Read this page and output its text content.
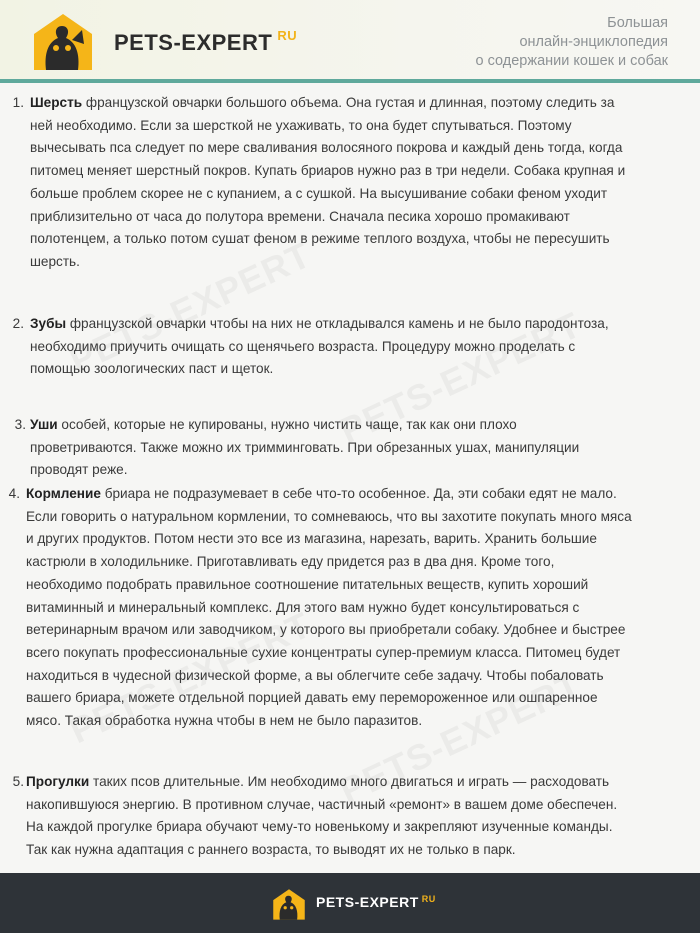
PETS-EXPERT $^{RU}$
Большая
онлайн-энциклопедия
о содержании кошек и собак
1. Шерсть французской овчарки большого объема. Она густая и длинная, поэтому следить за
ней необходимо. Если за шерсткой не ухаживать, то она будет спутываться. Поэтому
вычесывать пса следует по мере сваливания волосяного покрова и каждый день тогда, когда
питомец меняет шерстный покров. Купать бриаров нужно раз в три недели. Собака крупная и
больше проблем скорее не с купанием, а с сушкой. На высушивание собаки феном уходит
приблизительно от часа до полутора времени. Сначала песика хорошо промакивают
полотенцем, а только потом сушат феном в режиме теплого воздуха, чтобы не пересушить
шерсть.
2. Зубы французской овчарки чтобы на них не откладывался камень и не было пародонтоза,
необходимо приучить очищать со щенячьего возраста. Процедуру можно проделать с
помощью зоологических паст и щеток.
3. Уши особей, которые не купированы, нужно чистить чаще, так как они плохо
проветриваются. Также можно их тримминговать. При обрезанных ушах, манипуляции
проводят реже.
4. Кормление бриара не подразумевает в себе что-то особенное. Да, эти собаки едят не мало.
Если говорить о натуральном кормлении, то сомневаюсь, что вы захотите покупать много мяса
и других продуктов. Потом нести это все из магазина, нарезать, варить. Хранить большие
кастрюли в холодильнике. Приготавливать еду придется раз в два дня. Кроме того,
необходимо подобрать правильное соотношение питательных веществ, купить хороший
витаминный и минеральный комплекс. Для этого вам нужно будет консультироваться с
ветеринарным врачом или заводчиком, у которого вы приобретали собаку. Удобнее и быстрее
всего покупать профессиональные сухие концентраты супер-премиум класса. Питомец будет
находиться в чудесной физической форме, а вы облегчите себе задачу. Чтобы побаловать
вашего бриара, можете отдельной порцией давать ему перемороженное или ошпаренное
мясо. Такая обработка нужна чтобы в нем не было паразитов.
5. Прогулки таких псов длительные. Им необходимо много двигаться и играть — расходовать
накопившуюся энергию. В противном случае, частичный «ремонт» в вашем доме обеспечен.
На каждой прогулке бриара обучают чему-то новенькому и закрепляют изученные команды.
Так как нужна адаптация с раннего возраста, то выводят их не только в парк.
PETS-EXPERT $^{RU}$
